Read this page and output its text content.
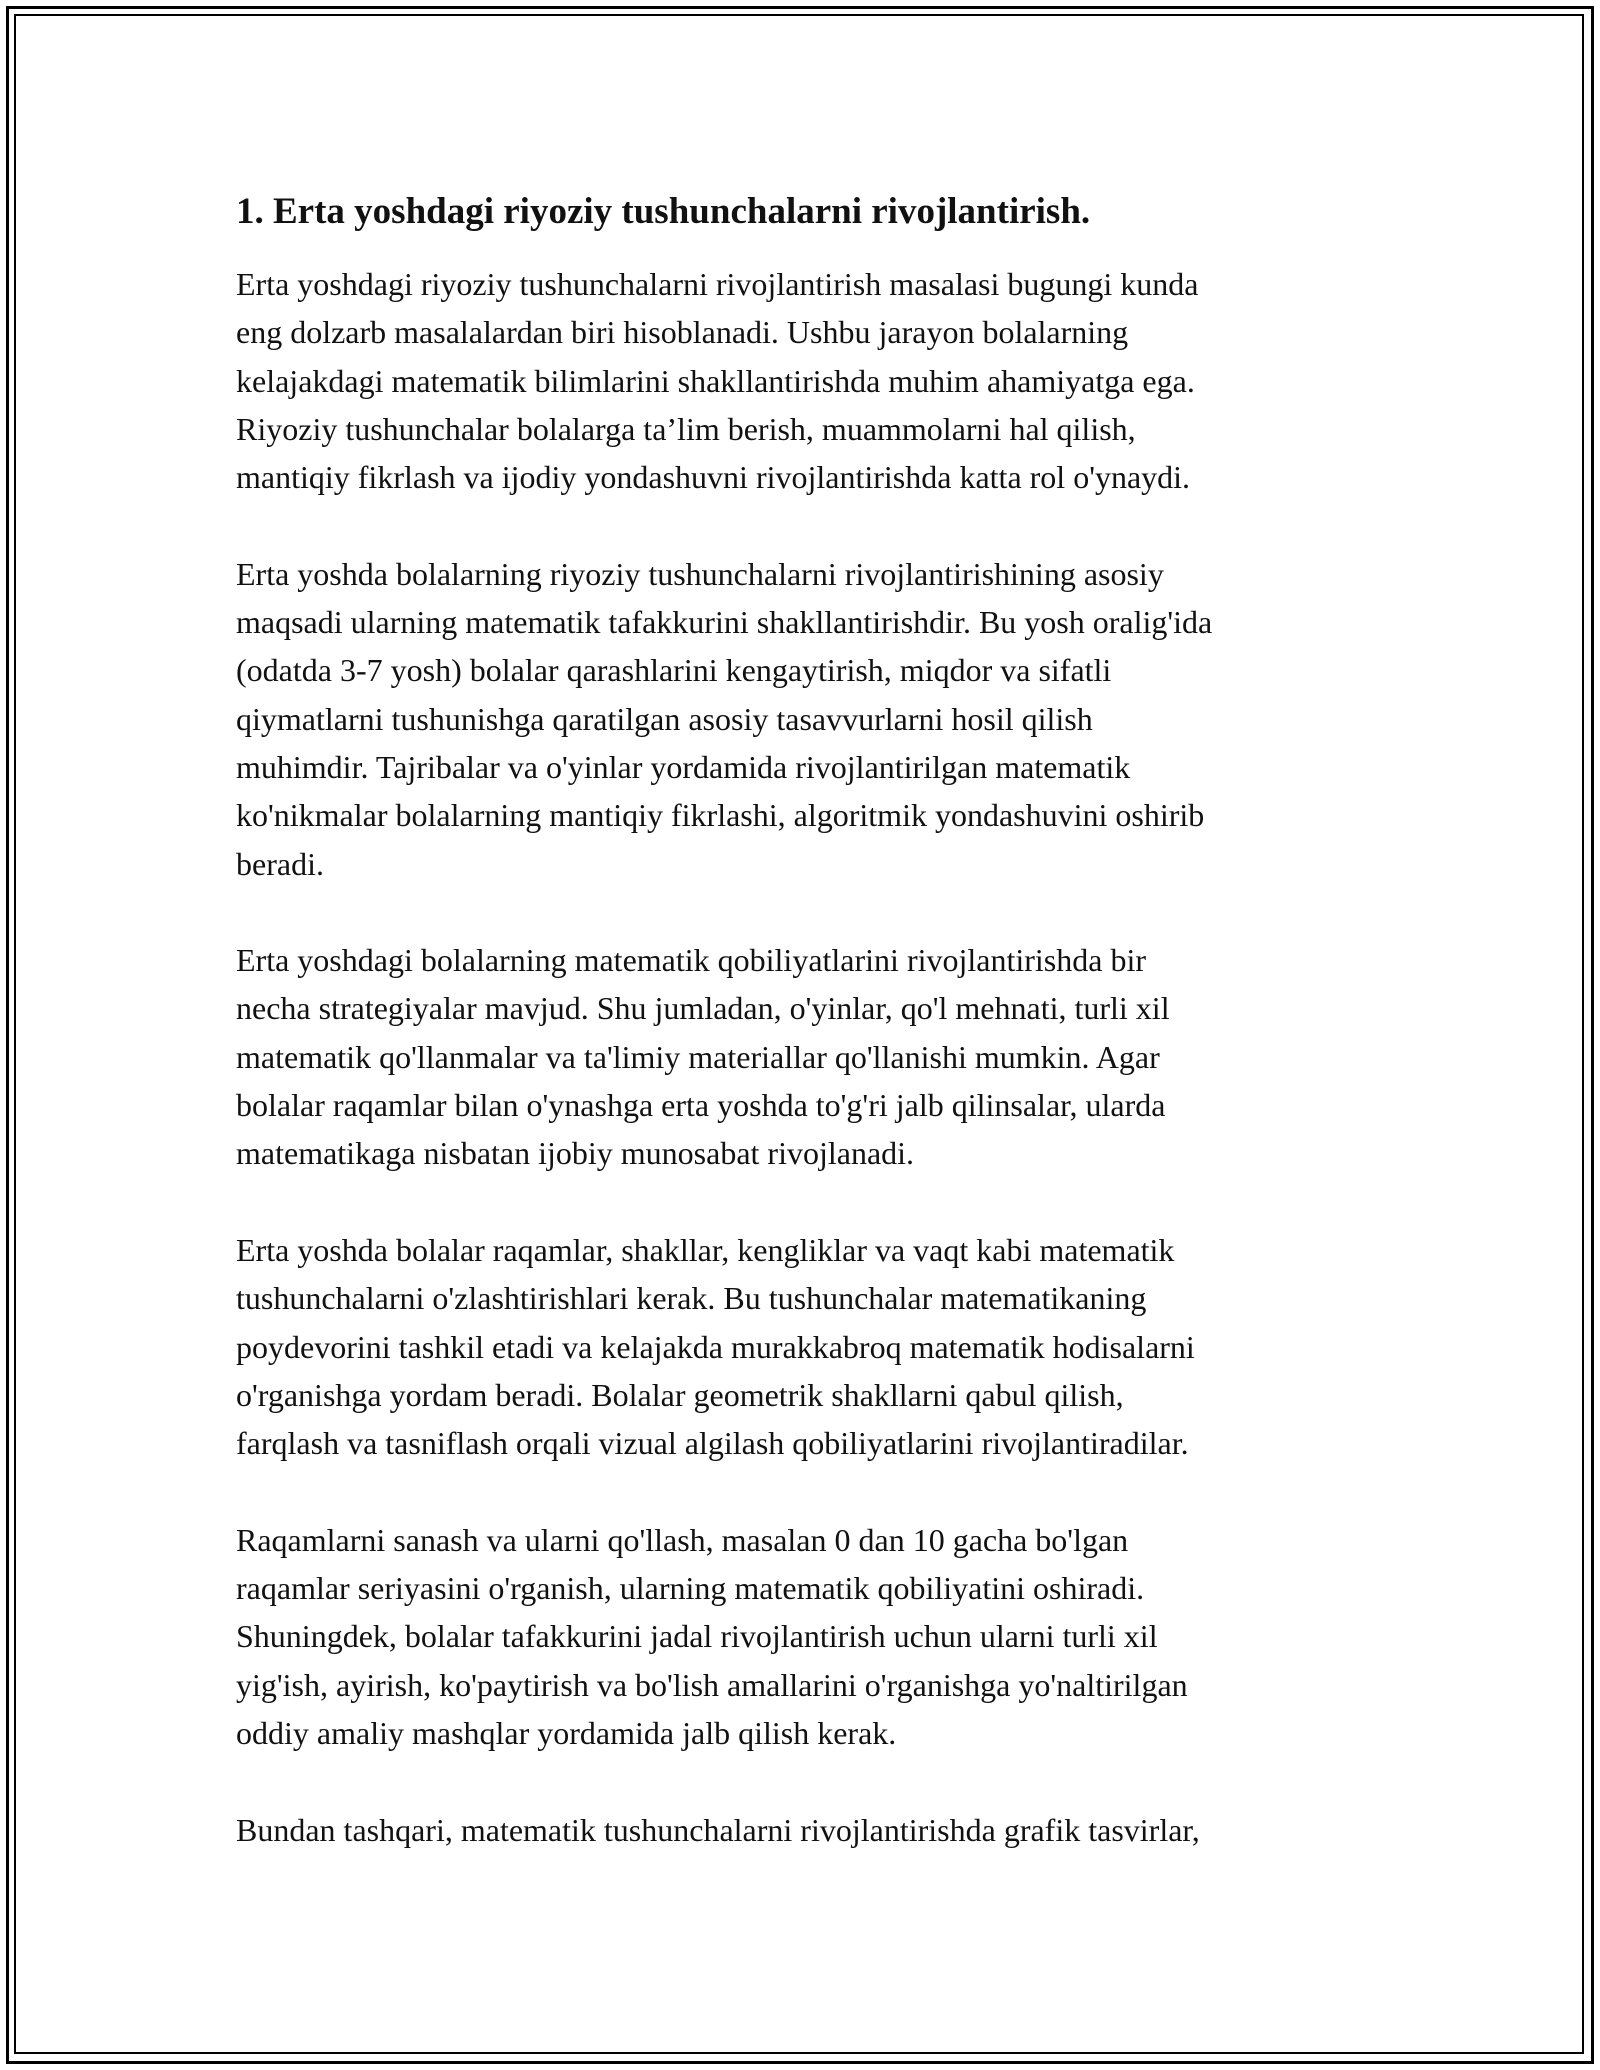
1. Erta yoshdagi riyoziy tushunchalarni rivojlantirish.

Erta yoshdagi riyoziy tushunchalarni rivojlantirish masalasi bugungi kunda
eng dolzarb masalalardan biri hisoblanadi. Ushbu jarayon bolalarning
kelajakdagi matematik bilimlarini shakllantirishda muhim ahamiyatga ega.
Riyoziy tushunchalar bolalarga ta’lim berish, muammolarni hal qilish,
mantiqiy fikrlash va ijodiy yondashuvni rivojlantirishda katta rol o'ynaydi.

Erta yoshda bolalarning riyoziy tushunchalarni rivojlantirishining asosiy
maqsadi ularning matematik tafakkurini shakllantirishdir. Bu yosh oralig'ida
(odatda 3-7 yosh) bolalar qarashlarini kengaytirish, miqdor va sifatli
qiymatlarni tushunishga qaratilgan asosiy tasavvurlarni hosil qilish
muhimdir. Tajribalar va o'yinlar yordamida rivojlantirilgan matematik
ko'nikmalar bolalarning mantiqiy fikrlashi, algoritmik yondashuvini oshirib
beradi.

Erta yoshdagi bolalarning matematik qobiliyatlarini rivojlantirishda bir
necha strategiyalar mavjud. Shu jumladan, o'yinlar, qo'l mehnati, turli xil
matematik qo'llanmalar va ta'limiy materiallar qo'llanishi mumkin. Agar
bolalar raqamlar bilan o'ynashga erta yoshda to'g'ri jalb qilinsalar, ularda
matematikaga nisbatan ijobiy munosabat rivojlanadi.

Erta yoshda bolalar raqamlar, shakllar, kengliklar va vaqt kabi matematik
tushunchalarni o'zlashtirishlari kerak. Bu tushunchalar matematikaning
poydevorini tashkil etadi va kelajakda murakkabroq matematik hodisalarni
o'rganishga yordam beradi. Bolalar geometrik shakllarni qabul qilish,
farqlash va tasniflash orqali vizual algilash qobiliyatlarini rivojlantiradilar.

Raqamlarni sanash va ularni qo'llash, masalan 0 dan 10 gacha bo'lgan
raqamlar seriyasini o'rganish, ularning matematik qobiliyatini oshiradi.
Shuningdek, bolalar tafakkurini jadal rivojlantirish uchun ularni turli xil
yig'ish, ayirish, ko'paytirish va bo'lish amallarini o'rganishga yo'naltirilgan
oddiy amaliy mashqlar yordamida jalb qilish kerak.

Bundan tashqari, matematik tushunchalarni rivojlantirishda grafik tasvirlar,
